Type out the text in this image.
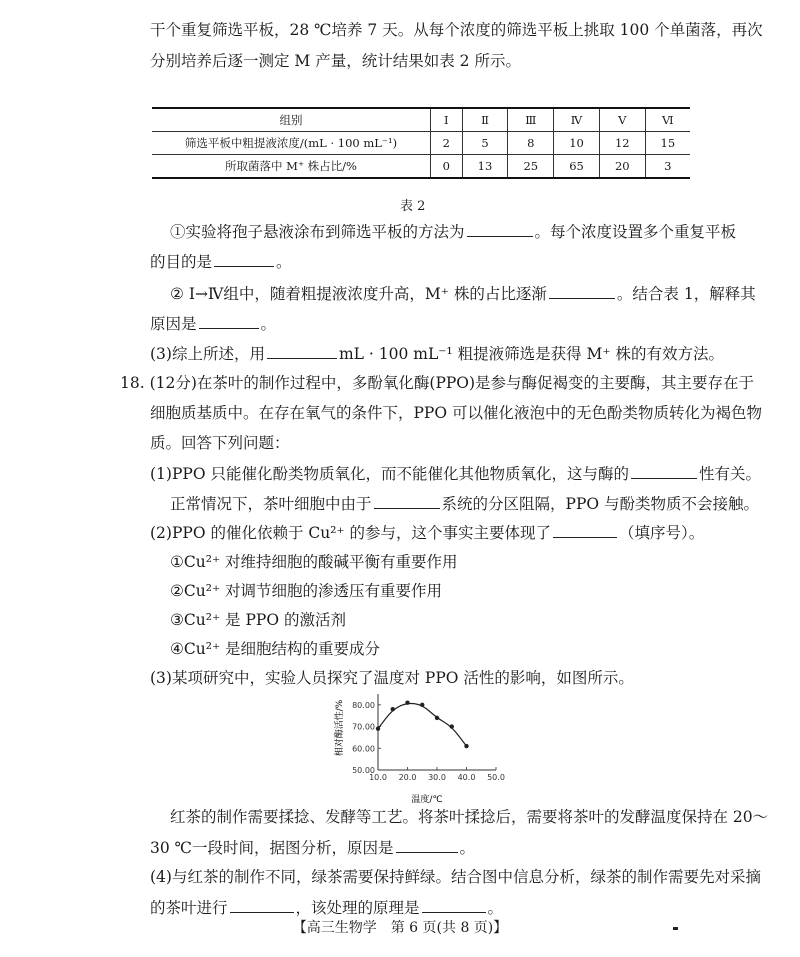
干个重复筛选平板，28 ℃培养 7 天。从每个浓度的筛选平板上挑取 100 个单菌落，再次
分别培养后逐一测定 M 产量，统计结果如表 2 所示。
组别	Ⅰ	Ⅱ	Ⅲ	Ⅳ	Ⅴ	Ⅵ
筛选平板中粗提液浓度/(mL · 100 mL⁻¹)	2	5	8	10	12	15
所取菌落中 M⁺ 株占比/%	0	13	25	65	20	3
表 2
①实验将孢子悬液涂布到筛选平板的方法为	。每个浓度设置多个重复平板
的目的是	。
② Ⅰ→Ⅳ组中，随着粗提液浓度升高，M⁺ 株的占比逐渐	。结合表 1，解释其
原因是	。
(3)综上所述，用	mL · 100 mL⁻¹ 粗提液筛选是获得 M⁺ 株的有效方法。
18. (12分)在茶叶的制作过程中，多酚氧化酶(PPO)是参与酶促褐变的主要酶，其主要存在于
细胞质基质中。在存在氧气的条件下，PPO 可以催化液泡中的无色酚类物质转化为褐色物
质。回答下列问题：
(1)PPO 只能催化酚类物质氧化，而不能催化其他物质氧化，这与酶的	性有关。
正常情况下，茶叶细胞中由于	系统的分区阻隔，PPO 与酚类物质不会接触。
(2)PPO 的催化依赖于 Cu²⁺ 的参与，这个事实主要体现了	（填序号）。
①Cu²⁺ 对维持细胞的酸碱平衡有重要作用
②Cu²⁺ 对调节细胞的渗透压有重要作用
③Cu²⁺ 是 PPO 的激活剂
④Cu²⁺ 是细胞结构的重要成分
(3)某项研究中，实验人员探究了温度对 PPO 活性的影响，如图所示。
10.0 20.0 30.0 40.0 50.0
50.00
60.00
70.00
80.00
温度/℃
相对酶活性/%
红茶的制作需要揉捻、发酵等工艺。将茶叶揉捻后，需要将茶叶的发酵温度保持在 20～
30 ℃一段时间，据图分析，原因是	。
(4)与红茶的制作不同，绿茶需要保持鲜绿。结合图中信息分析，绿茶的制作需要先对采摘
的茶叶进行	，该处理的原理是	。
【高三生物学　第 6 页(共 8 页)】
